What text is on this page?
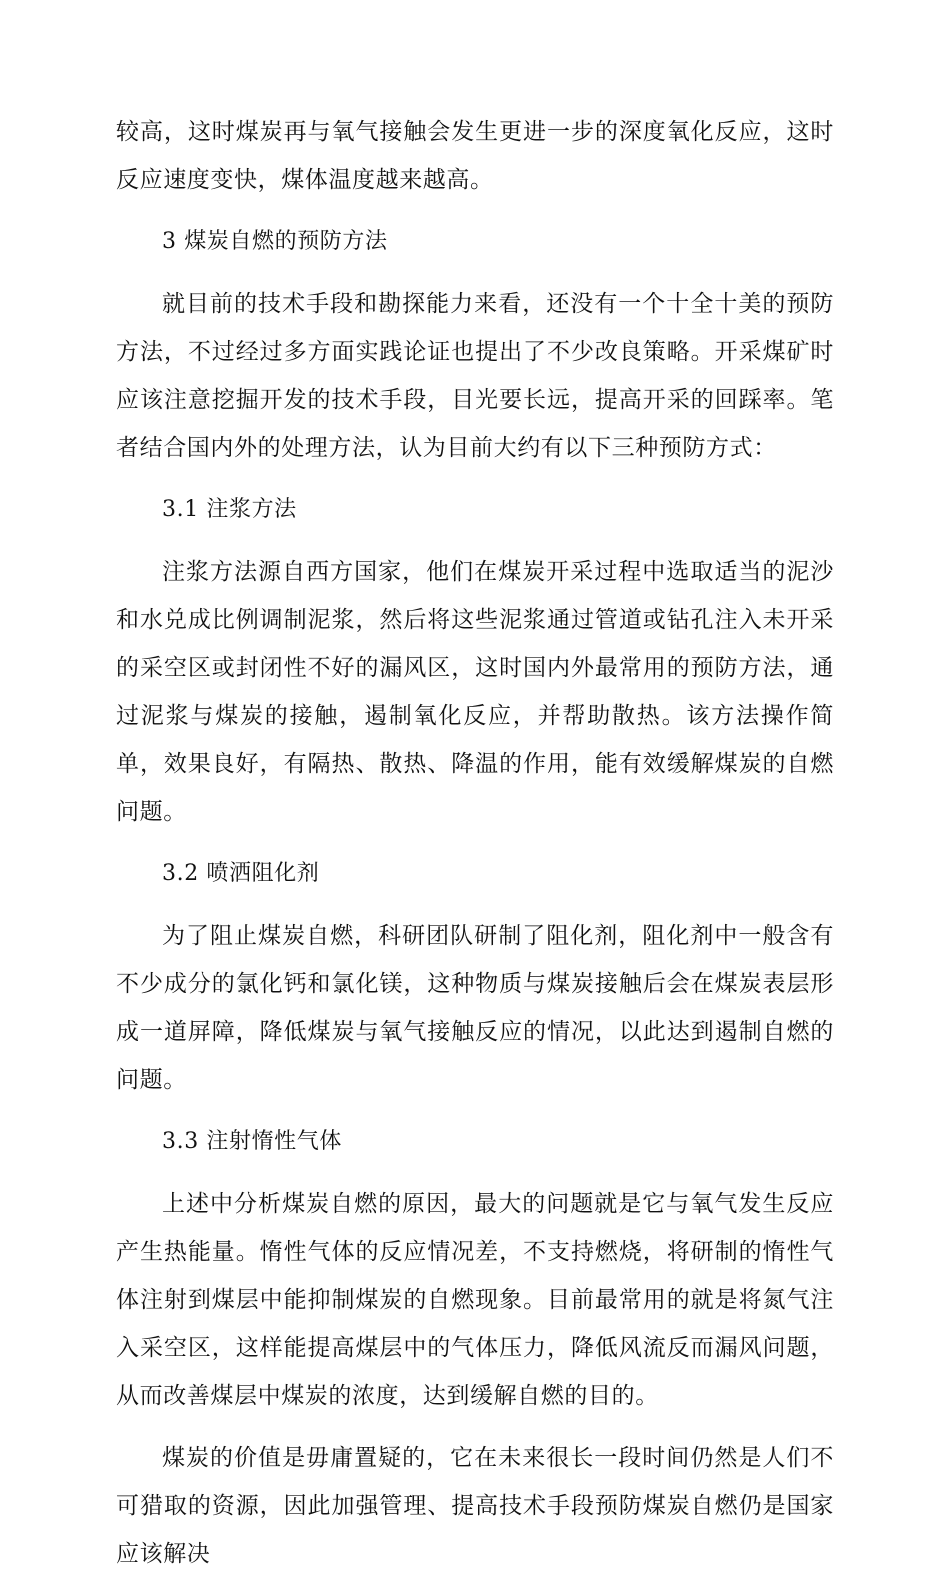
较高，这时煤炭再与氧气接触会发生更进一步的深度氧化反应，这时反应速度变快，煤体温度越来越高。

3 煤炭自燃的预防方法

就目前的技术手段和勘探能力来看，还没有一个十全十美的预防方法，不过经过多方面实践论证也提出了不少改良策略。开采煤矿时应该注意挖掘开发的技术手段，目光要长远，提高开采的回踩率。笔者结合国内外的处理方法，认为目前大约有以下三种预防方式：

3.1 注浆方法

注浆方法源自西方国家，他们在煤炭开采过程中选取适当的泥沙和水兑成比例调制泥浆，然后将这些泥浆通过管道或钻孔注入未开采的采空区或封闭性不好的漏风区，这时国内外最常用的预防方法，通过泥浆与煤炭的接触，遏制氧化反应，并帮助散热。该方法操作简单，效果良好，有隔热、散热、降温的作用，能有效缓解煤炭的自燃问题。

3.2 喷洒阻化剂

为了阻止煤炭自燃，科研团队研制了阻化剂，阻化剂中一般含有不少成分的氯化钙和氯化镁，这种物质与煤炭接触后会在煤炭表层形成一道屏障，降低煤炭与氧气接触反应的情况，以此达到遏制自燃的问题。

3.3 注射惰性气体

上述中分析煤炭自燃的原因，最大的问题就是它与氧气发生反应产生热能量。惰性气体的反应情况差，不支持燃烧，将研制的惰性气体注射到煤层中能抑制煤炭的自燃现象。目前最常用的就是将氮气注入采空区，这样能提高煤层中的气体压力，降低风流反而漏风问题，从而改善煤层中煤炭的浓度，达到缓解自燃的目的。

煤炭的价值是毋庸置疑的，它在未来很长一段时间仍然是人们不可猎取的资源，因此加强管理、提高技术手段预防煤炭自燃仍是国家应该解决
